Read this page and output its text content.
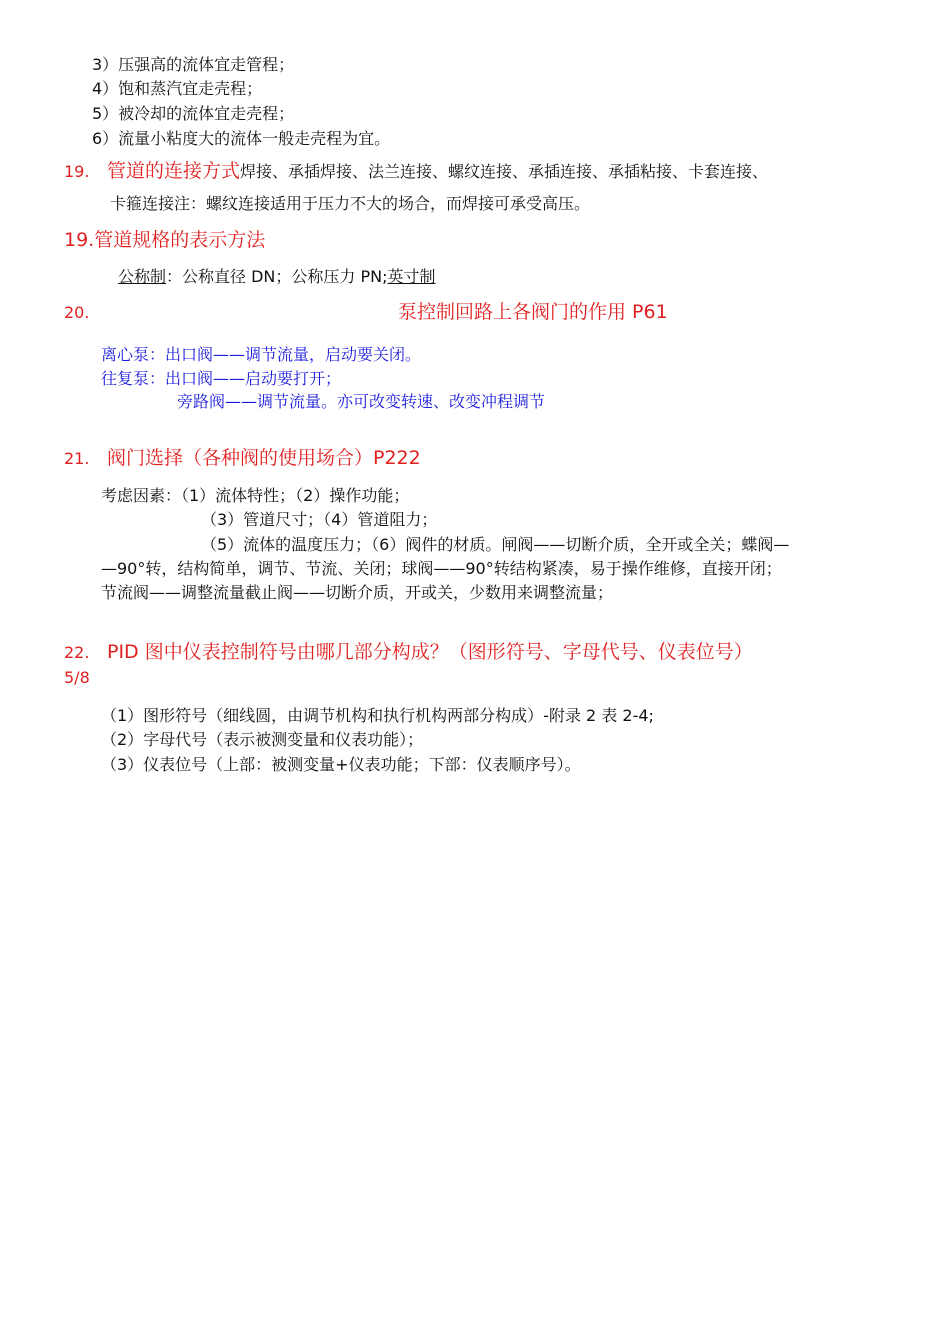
3）压强高的流体宜走管程；
4）饱和蒸汽宜走壳程；
5）被冷却的流体宜走壳程；
6）流量小粘度大的流体一般走壳程为宜。
19. 管道的连接方式焊接、承插焊接、法兰连接、螺纹连接、承插连接、承插粘接、卡套连接、
卡箍连接注：螺纹连接适用于压力不大的场合，而焊接可承受高压。
19.管道规格的表示方法
公称制：公称直径 DN；公称压力 PN;英寸制
20.	泵控制回路上各阀门的作用 P61
离心泵：出口阀——调节流量，启动要关闭。
往复泵：出口阀——启动要打开；
旁路阀——调节流量。亦可改变转速、改变冲程调节
21. 阀门选择（各种阀的使用场合）P222
考虑因素：（1）流体特性；（2）操作功能；
（3）管道尺寸；（4）管道阻力；
（5）流体的温度压力；（6）阀件的材质。闸阀——切断介质，全开或全关；蝶阀—
—90°转，结构简单，调节、节流、关闭；球阀——90°转结构紧凑，易于操作维修，直接开闭；
节流阀——调整流量截止阀——切断介质，开或关，少数用来调整流量；
22. PID 图中仪表控制符号由哪几部分构成？（图形符号、字母代号、仪表位号）
5/8
（1）图形符号（细线圆，由调节机构和执行机构两部分构成）-附录 2 表 2-4;
（2）字母代号（表示被测变量和仪表功能）；
（3）仪表位号（上部：被测变量+仪表功能；下部：仪表顺序号）。
